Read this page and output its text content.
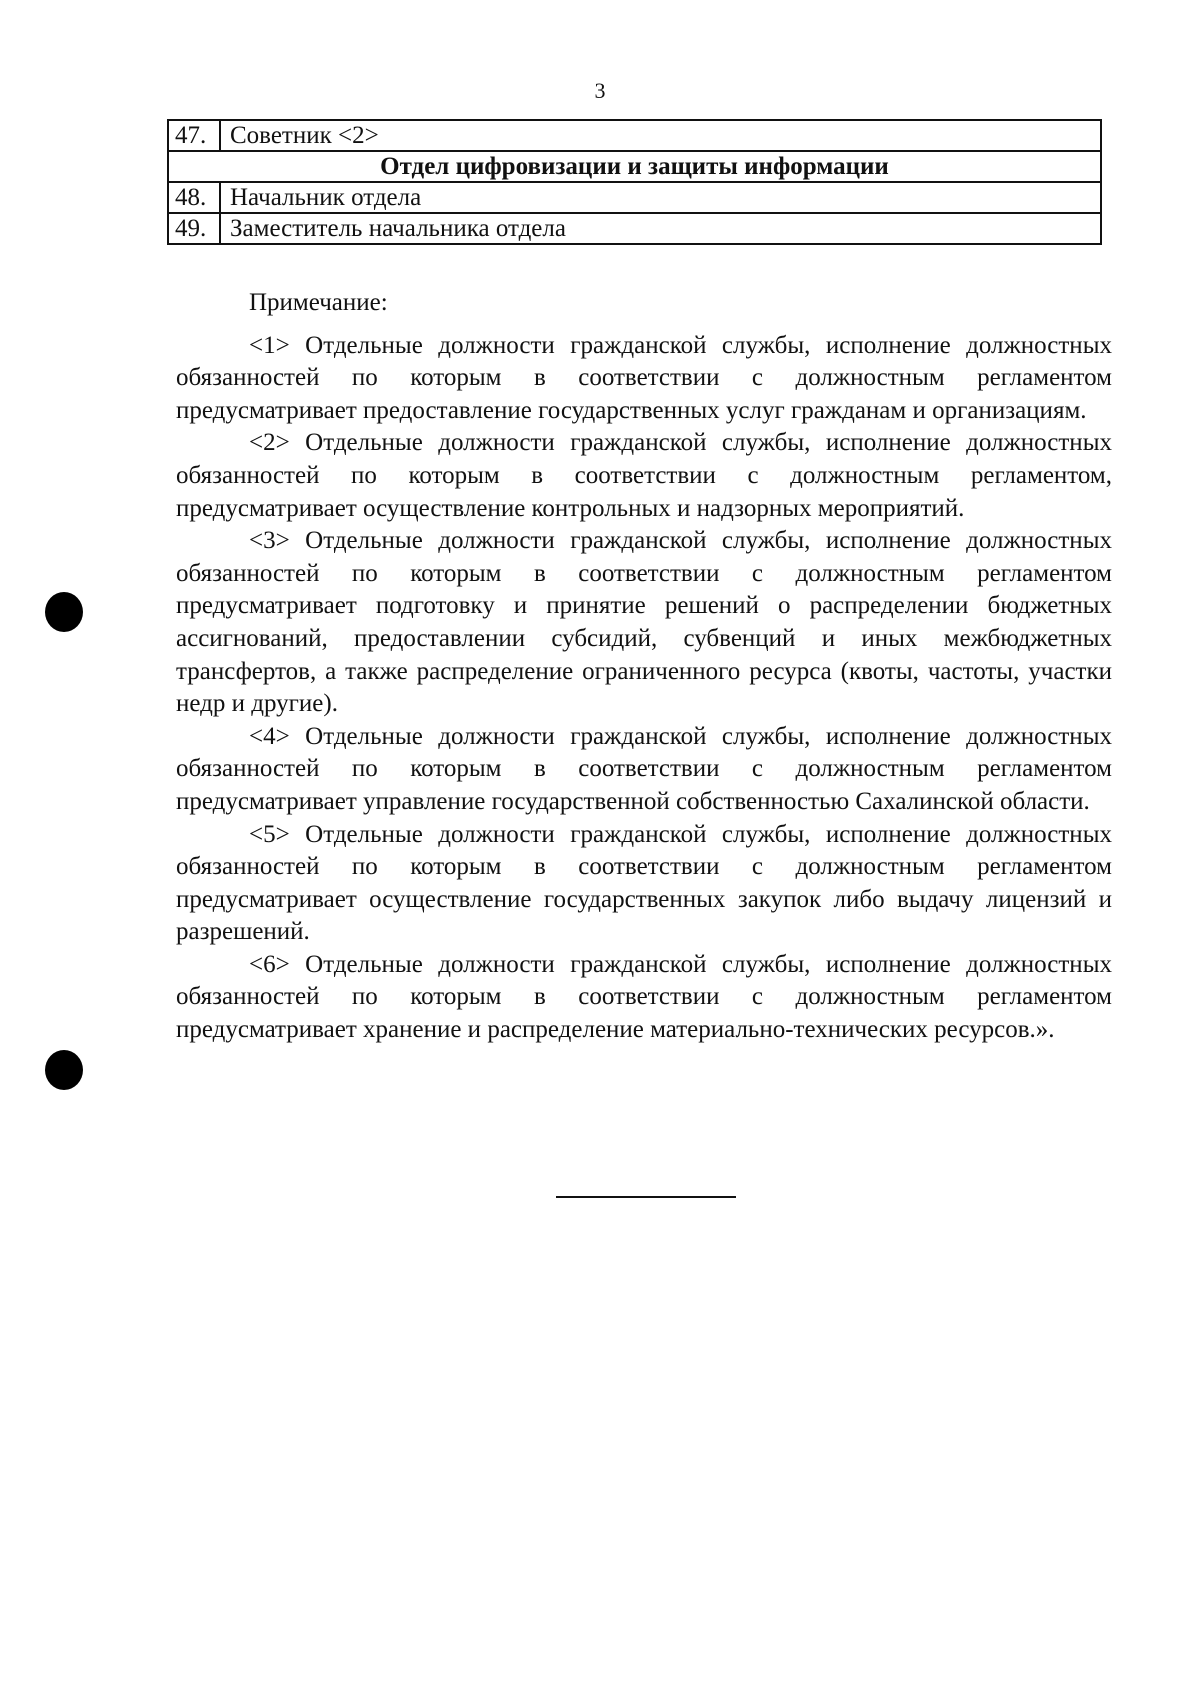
3
47.	Советник <2>
Отдел цифровизации и защиты информации	
48.	Начальник отдела
49.	Заместитель начальника отдела

Примечание:

<1> Отдельные должности гражданской службы, исполнение должностных обязанностей по которым в соответствии с должностным регламентом предусматривает предоставление государственных услуг гражданам и организациям.

<2> Отдельные должности гражданской службы, исполнение должностных обязанностей по которым в соответствии с должностным регламентом, предусматривает осуществление контрольных и надзорных мероприятий.

<3> Отдельные должности гражданской службы, исполнение должностных обязанностей по которым в соответствии с должностным регламентом предусматривает подготовку и принятие решений о распределении бюджетных ассигнований, предоставлении субсидий, субвенций и иных межбюджетных трансфертов, а также распределение ограниченного ресурса (квоты, частоты, участки недр и другие).

<4> Отдельные должности гражданской службы, исполнение должностных обязанностей по которым в соответствии с должностным регламентом предусматривает управление государственной собственностью Сахалинской области.

<5> Отдельные должности гражданской службы, исполнение должностных обязанностей по которым в соответствии с должностным регламентом предусматривает осуществление государственных закупок либо выдачу лицензий и разрешений.

<6> Отдельные должности гражданской службы, исполнение должностных обязанностей по которым в соответствии с должностным регламентом предусматривает хранение и распределение материально-технических ресурсов.».
